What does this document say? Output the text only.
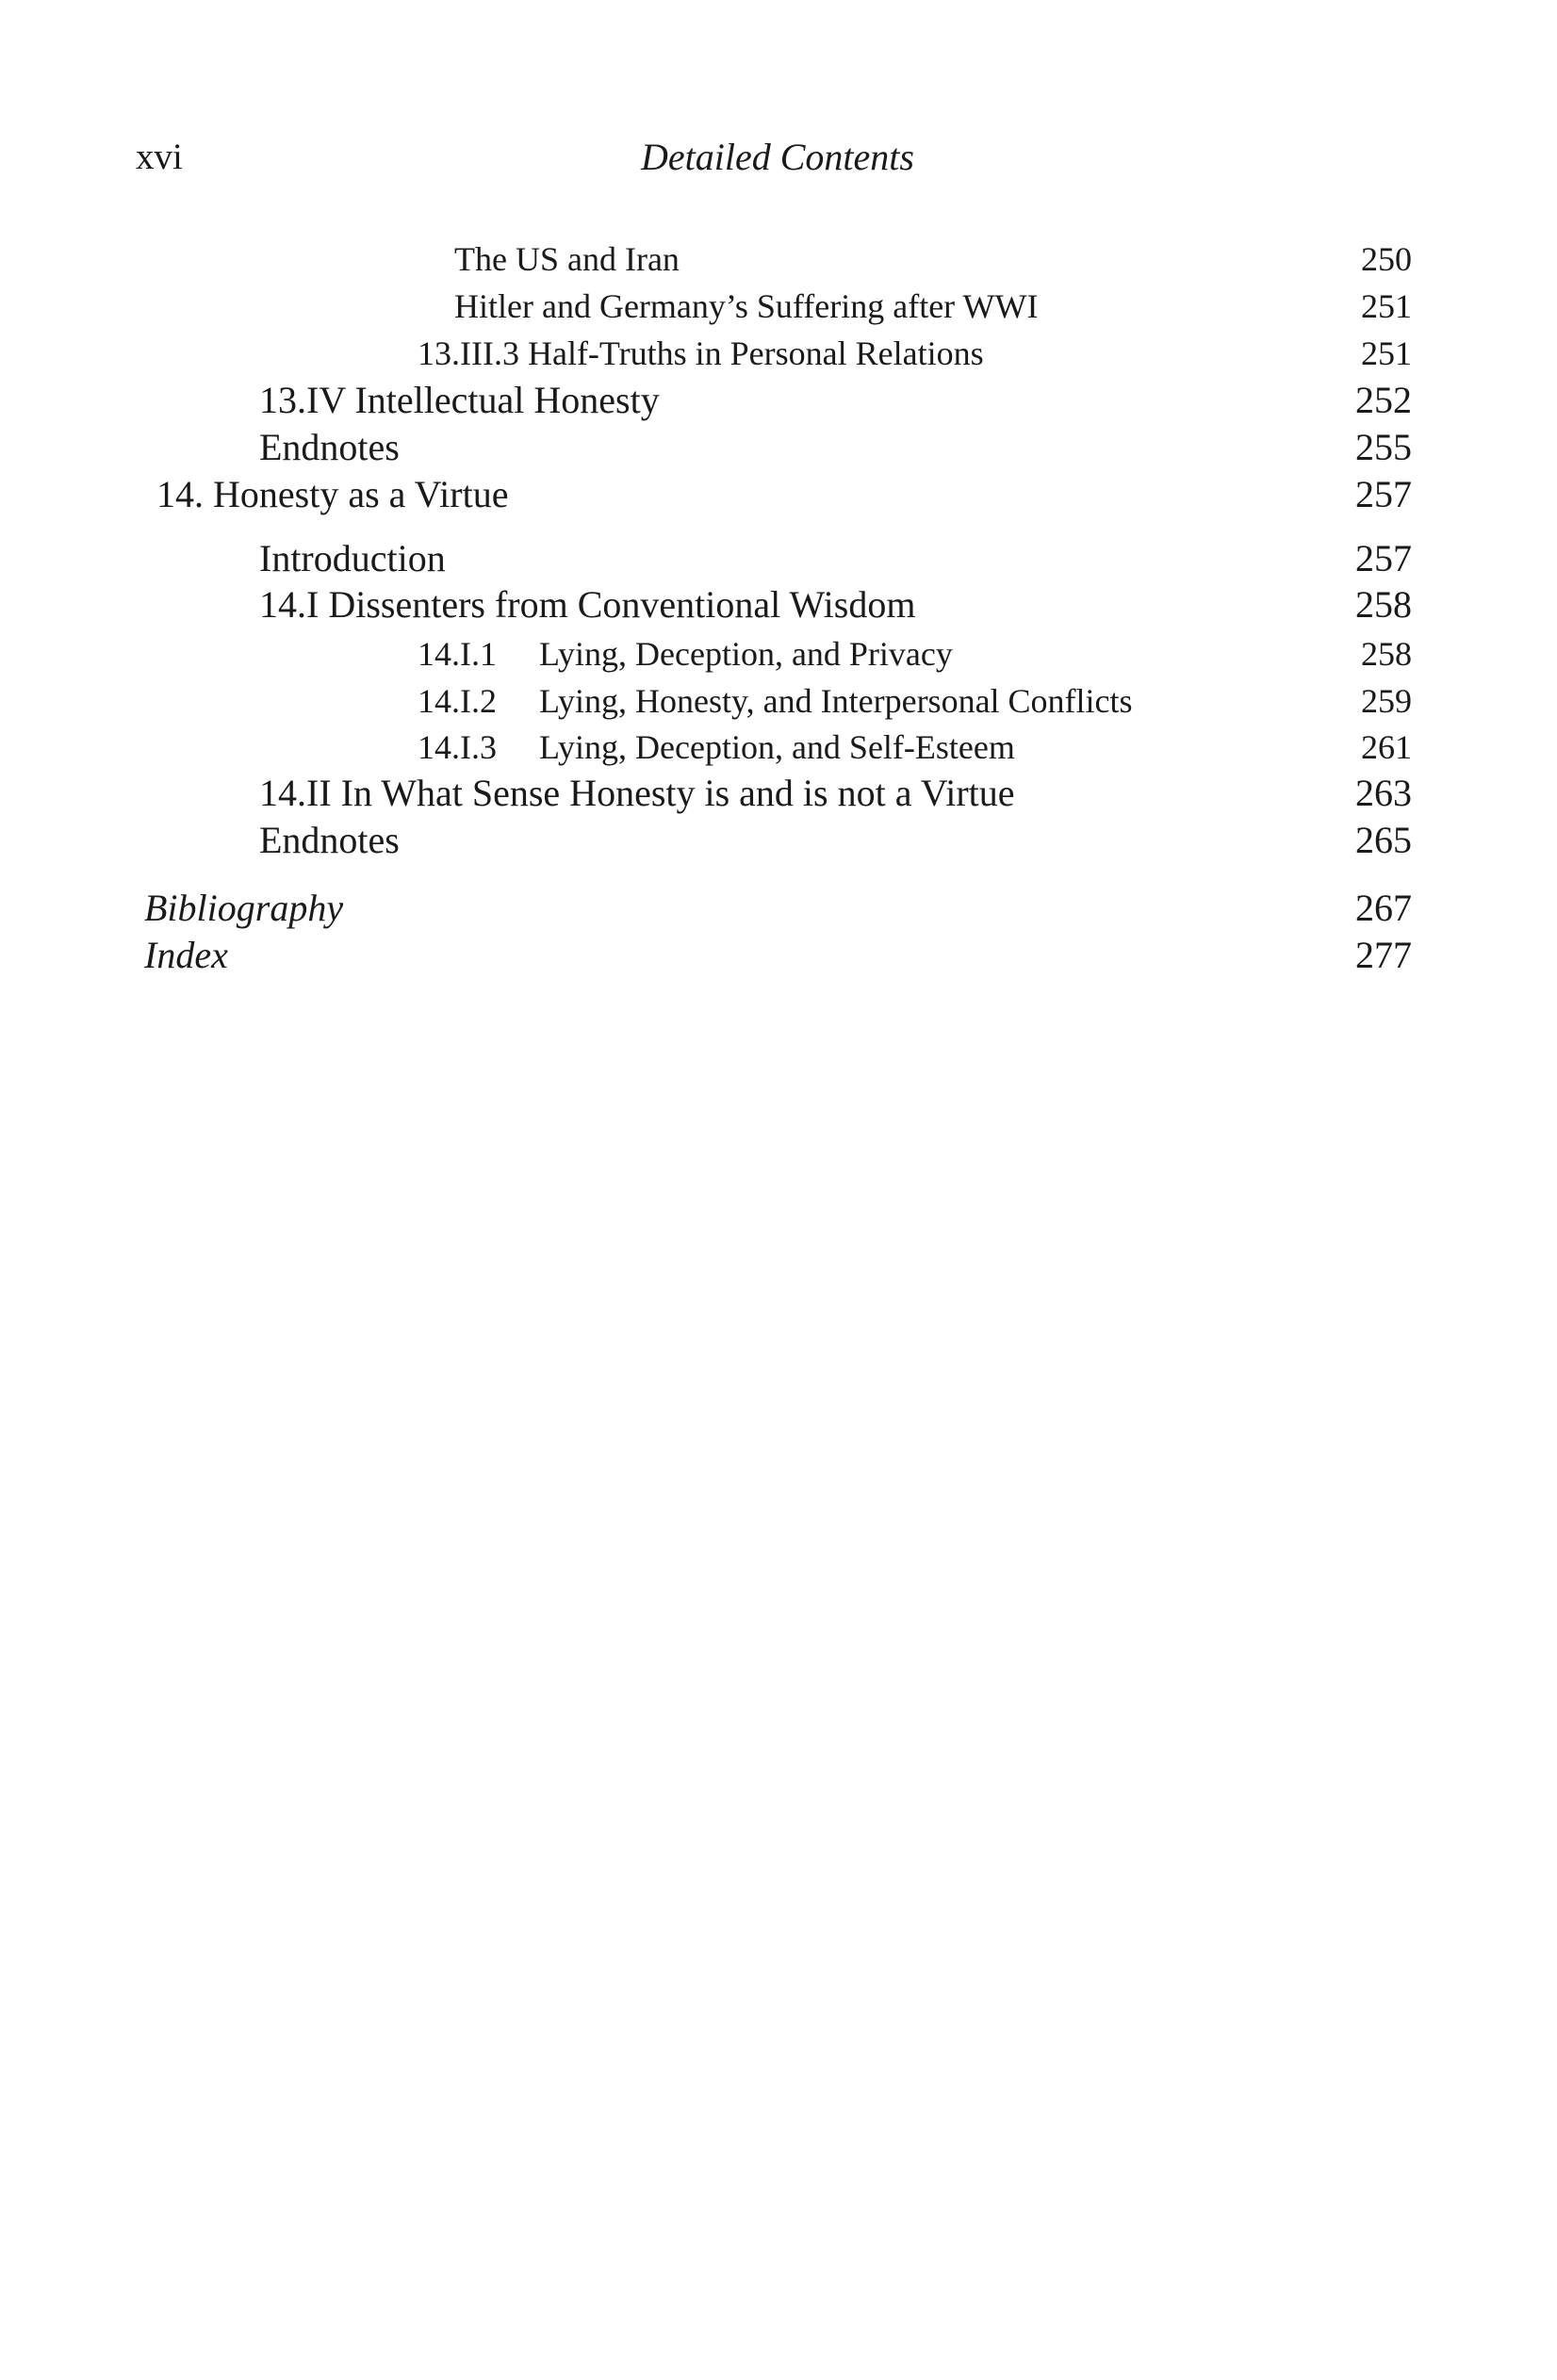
xvi	Detailed Contents
The US and Iran	250
Hitler and Germany’s Suffering after WWI	251
13.III.3 Half-Truths in Personal Relations	251
13.IV Intellectual Honesty	252
Endnotes	255
14. Honesty as a Virtue	257
Introduction	257
14.I Dissenters from Conventional Wisdom	258
14.I.1 Lying, Deception, and Privacy	258
14.I.2 Lying, Honesty, and Interpersonal Conflicts	259
14.I.3 Lying, Deception, and Self-Esteem	261
14.II In What Sense Honesty is and is not a Virtue	263
Endnotes	265
Bibliography	267
Index	277
